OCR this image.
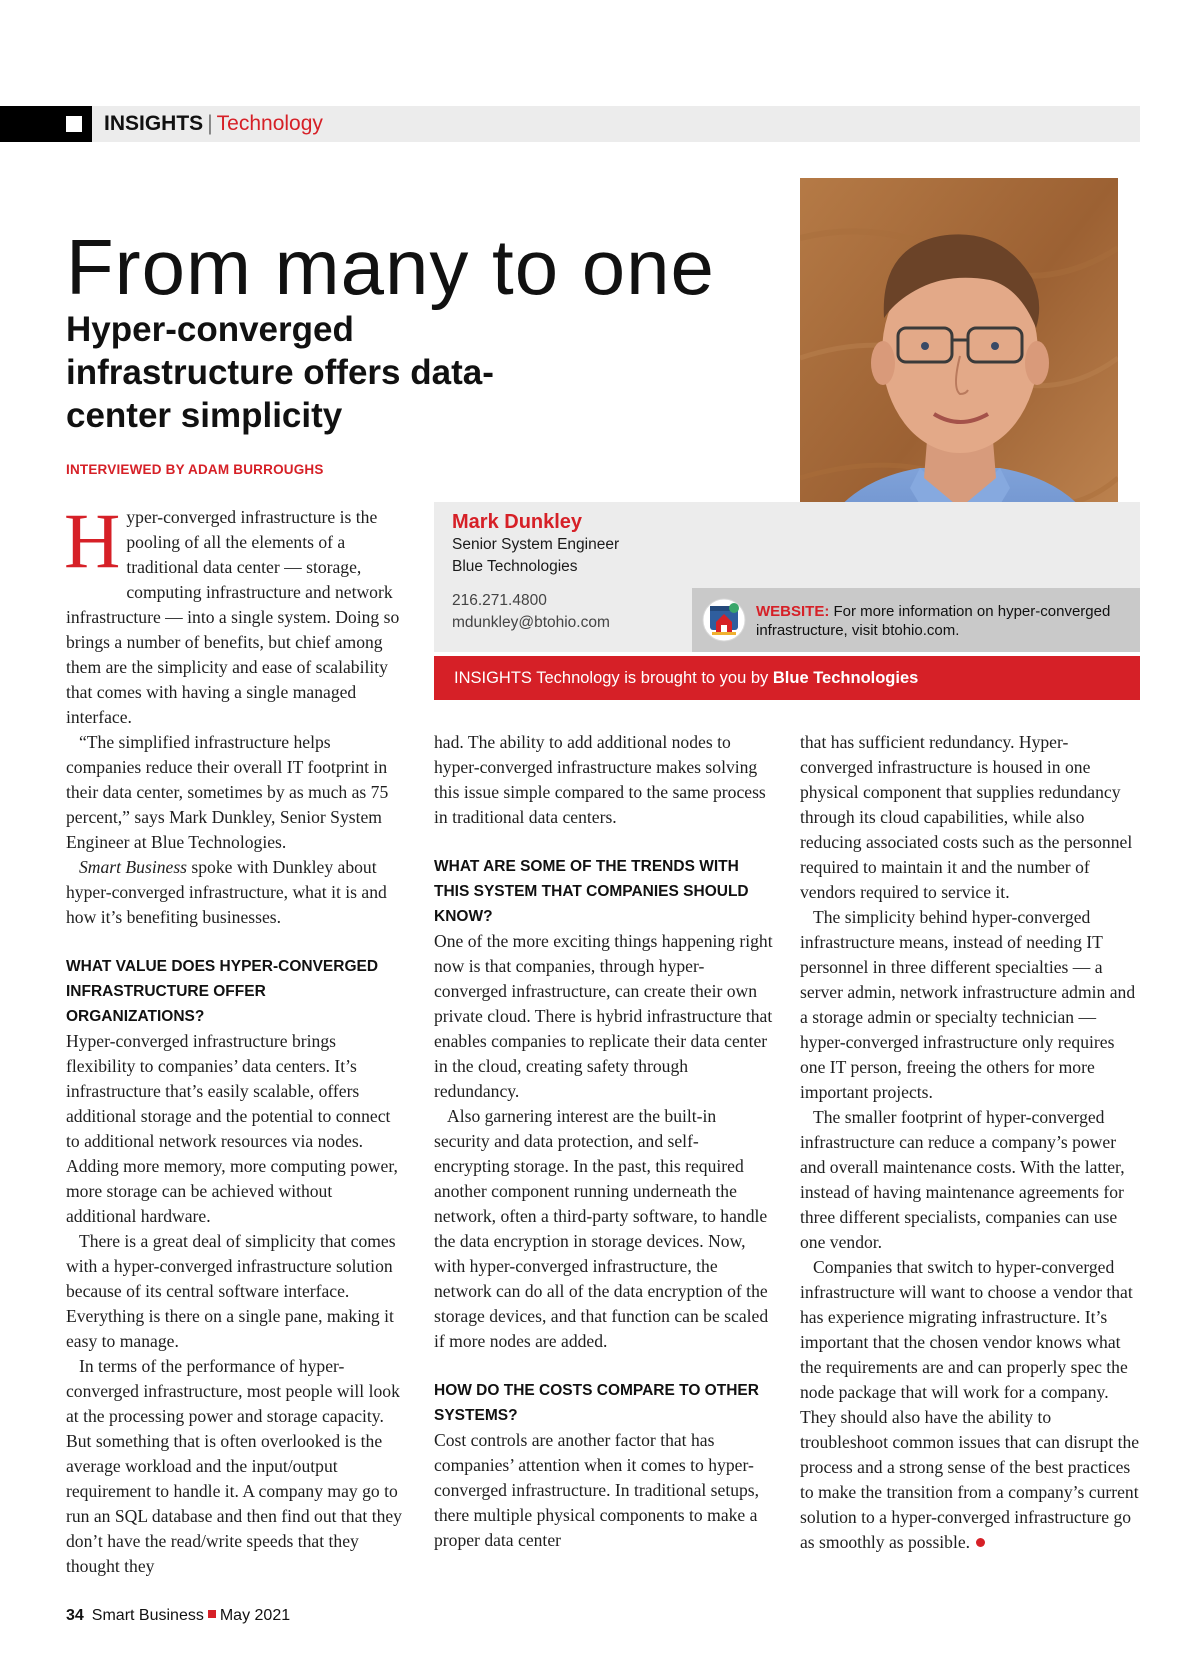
INSIGHTS | Technology
From many to one
Hyper-converged infrastructure offers data-center simplicity
INTERVIEWED BY ADAM BURROUGHS
Mark Dunkley
Senior System Engineer
Blue Technologies
216.271.4800
mdunkley@btohio.com
WEBSITE: For more information on hyper-converged infrastructure, visit btohio.com.
INSIGHTS Technology is brought to you by Blue Technologies

Hyper-converged infrastructure is the pooling of all the elements of a traditional data center — storage, computing infrastructure and network infrastructure — into a single system. Doing so brings a number of benefits, but chief among them are the simplicity and ease of scalability that comes with having a single managed interface.

“The simplified infrastructure helps companies reduce their overall IT footprint in their data center, sometimes by as much as 75 percent,” says Mark Dunkley, Senior System Engineer at Blue Technologies.

Smart Business spoke with Dunkley about hyper-converged infrastructure, what it is and how it’s benefiting businesses.

WHAT VALUE DOES HYPER-CONVERGED INFRASTRUCTURE OFFER ORGANIZATIONS?

Hyper-converged infrastructure brings flexibility to companies’ data centers. It’s infrastructure that’s easily scalable, offers additional storage and the potential to connect to additional network resources via nodes. Adding more memory, more computing power, more storage can be achieved without additional hardware.

There is a great deal of simplicity that comes with a hyper-converged infrastructure solution because of its central software interface. Everything is there on a single pane, making it easy to manage.

In terms of the performance of hyper-converged infrastructure, most people will look at the processing power and storage capacity. But something that is often overlooked is the average workload and the input/output requirement to handle it. A company may go to run an SQL database and then find out that they don’t have the read/write speeds that they thought they

had. The ability to add additional nodes to hyper-converged infrastructure makes solving this issue simple compared to the same process in traditional data centers.

WHAT ARE SOME OF THE TRENDS WITH THIS SYSTEM THAT COMPANIES SHOULD KNOW?

One of the more exciting things happening right now is that companies, through hyper-converged infrastructure, can create their own private cloud. There is hybrid infrastructure that enables companies to replicate their data center in the cloud, creating safety through redundancy.

Also garnering interest are the built-in security and data protection, and self-encrypting storage. In the past, this required another component running underneath the network, often a third-party software, to handle the data encryption in storage devices. Now, with hyper-converged infrastructure, the network can do all of the data encryption of the storage devices, and that function can be scaled if more nodes are added.

HOW DO THE COSTS COMPARE TO OTHER SYSTEMS?

Cost controls are another factor that has companies’ attention when it comes to hyper-converged infrastructure. In traditional setups, there multiple physical components to make a proper data center

that has sufficient redundancy. Hyper-converged infrastructure is housed in one physical component that supplies redundancy through its cloud capabilities, while also reducing associated costs such as the personnel required to maintain it and the number of vendors required to service it.

The simplicity behind hyper-converged infrastructure means, instead of needing IT personnel in three different specialties — a server admin, network infrastructure admin and a storage admin or specialty technician — hyper-converged infrastructure only requires one IT person, freeing the others for more important projects.

The smaller footprint of hyper-converged infrastructure can reduce a company’s power and overall maintenance costs. With the latter, instead of having maintenance agreements for three different specialists, companies can use one vendor.

Companies that switch to hyper-converged infrastructure will want to choose a vendor that has experience migrating infrastructure. It’s important that the chosen vendor knows what the requirements are and can properly spec the node package that will work for a company. They should also have the ability to troubleshoot common issues that can disrupt the process and a strong sense of the best practices to make the transition from a company’s current solution to a hyper-converged infrastructure go as smoothly as possible.

34 Smart Business May 2021
